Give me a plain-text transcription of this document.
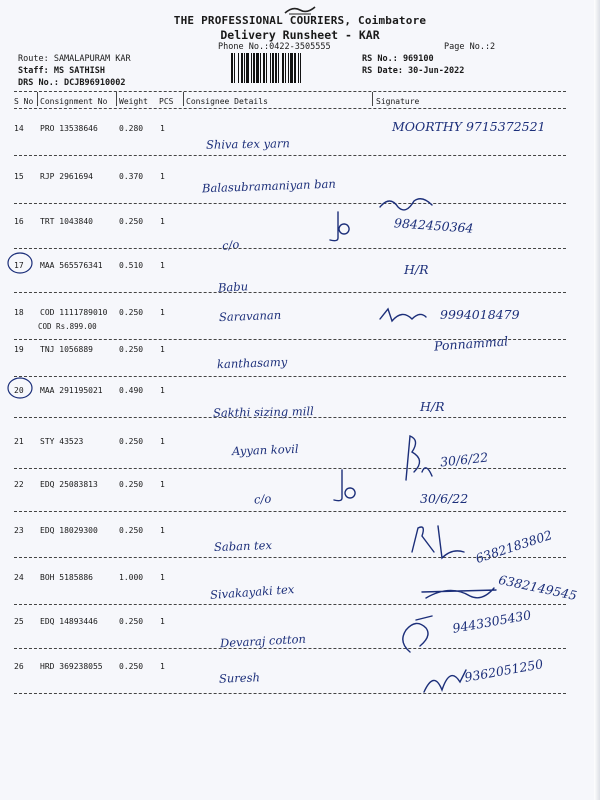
THE PROFESSIONAL COURIERS, Coimbatore
Delivery Runsheet - KAR
Phone No.:0422-3505555	Page No.:2
Route: SAMALAPURAM KAR
Staff: MS SATHISH
DRS No.: DCJB96910002
RS No.: 969100
RS Date: 30-Jun-2022
S No Consignment No Weight PCS Consignee Details	Signature
14 PRO 13538646	0.280 1
Shiva tex yarn
MOORTHY 9715372521
15 RJP 2961694	0.370 1
Balasubramaniyan ban
16 TRT 1043840	0.250 1
c/o
9842450364
17 MAA 565576341 0.510 1
Babu
H/R
18 COD 1111789010 0.250 1
COD Rs.899.00
Saravanan	9994018479
19 TNJ 1056889	0.250 1
kanthasamy
Ponnammal
20 MAA 291195021 0.490 1
Sakthi sizing mill	H/R
21 STY 43523	0.250 1
Ayyan kovil	30/6/22
22 EDQ 25083813	0.250 1
c/o	30/6/22
23 EDQ 18029300	0.250 1
Saban tex	6382183802
24 BOH 5185886	1.000 1
Sivakayaki tex	6382149545
25 EDQ 14893446	0.250 1
Devaraj cotton
9443305430
26 HRD 369238055 0.250 1
Suresh	9362051250
